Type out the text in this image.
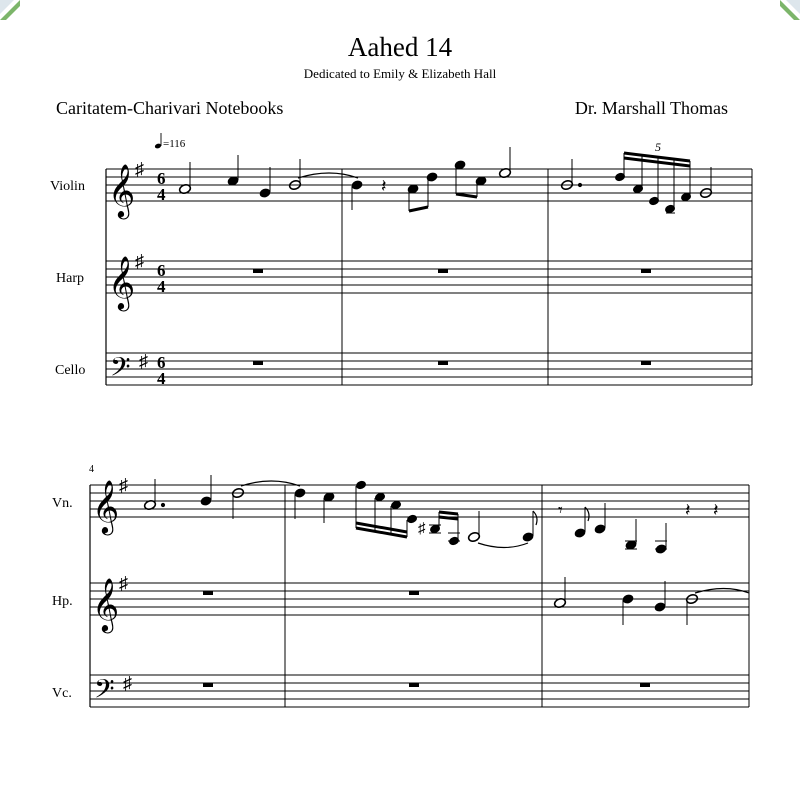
Aahed 14
Dedicated to Emily & Elizabeth Hall
Caritatem-Charivari Notebooks	Dr. Marshall Thomas
Violin
Harp
Cello
𝄞
𝄞
𝄢
♯
♯
♯
6
4
6
4
6
4
=116
𝄽
5
4
Vn.
Hp.
Vc.
𝄞
𝄞
𝄢
♯
♯
♯
♯
𝄾	𝄽 𝄽
